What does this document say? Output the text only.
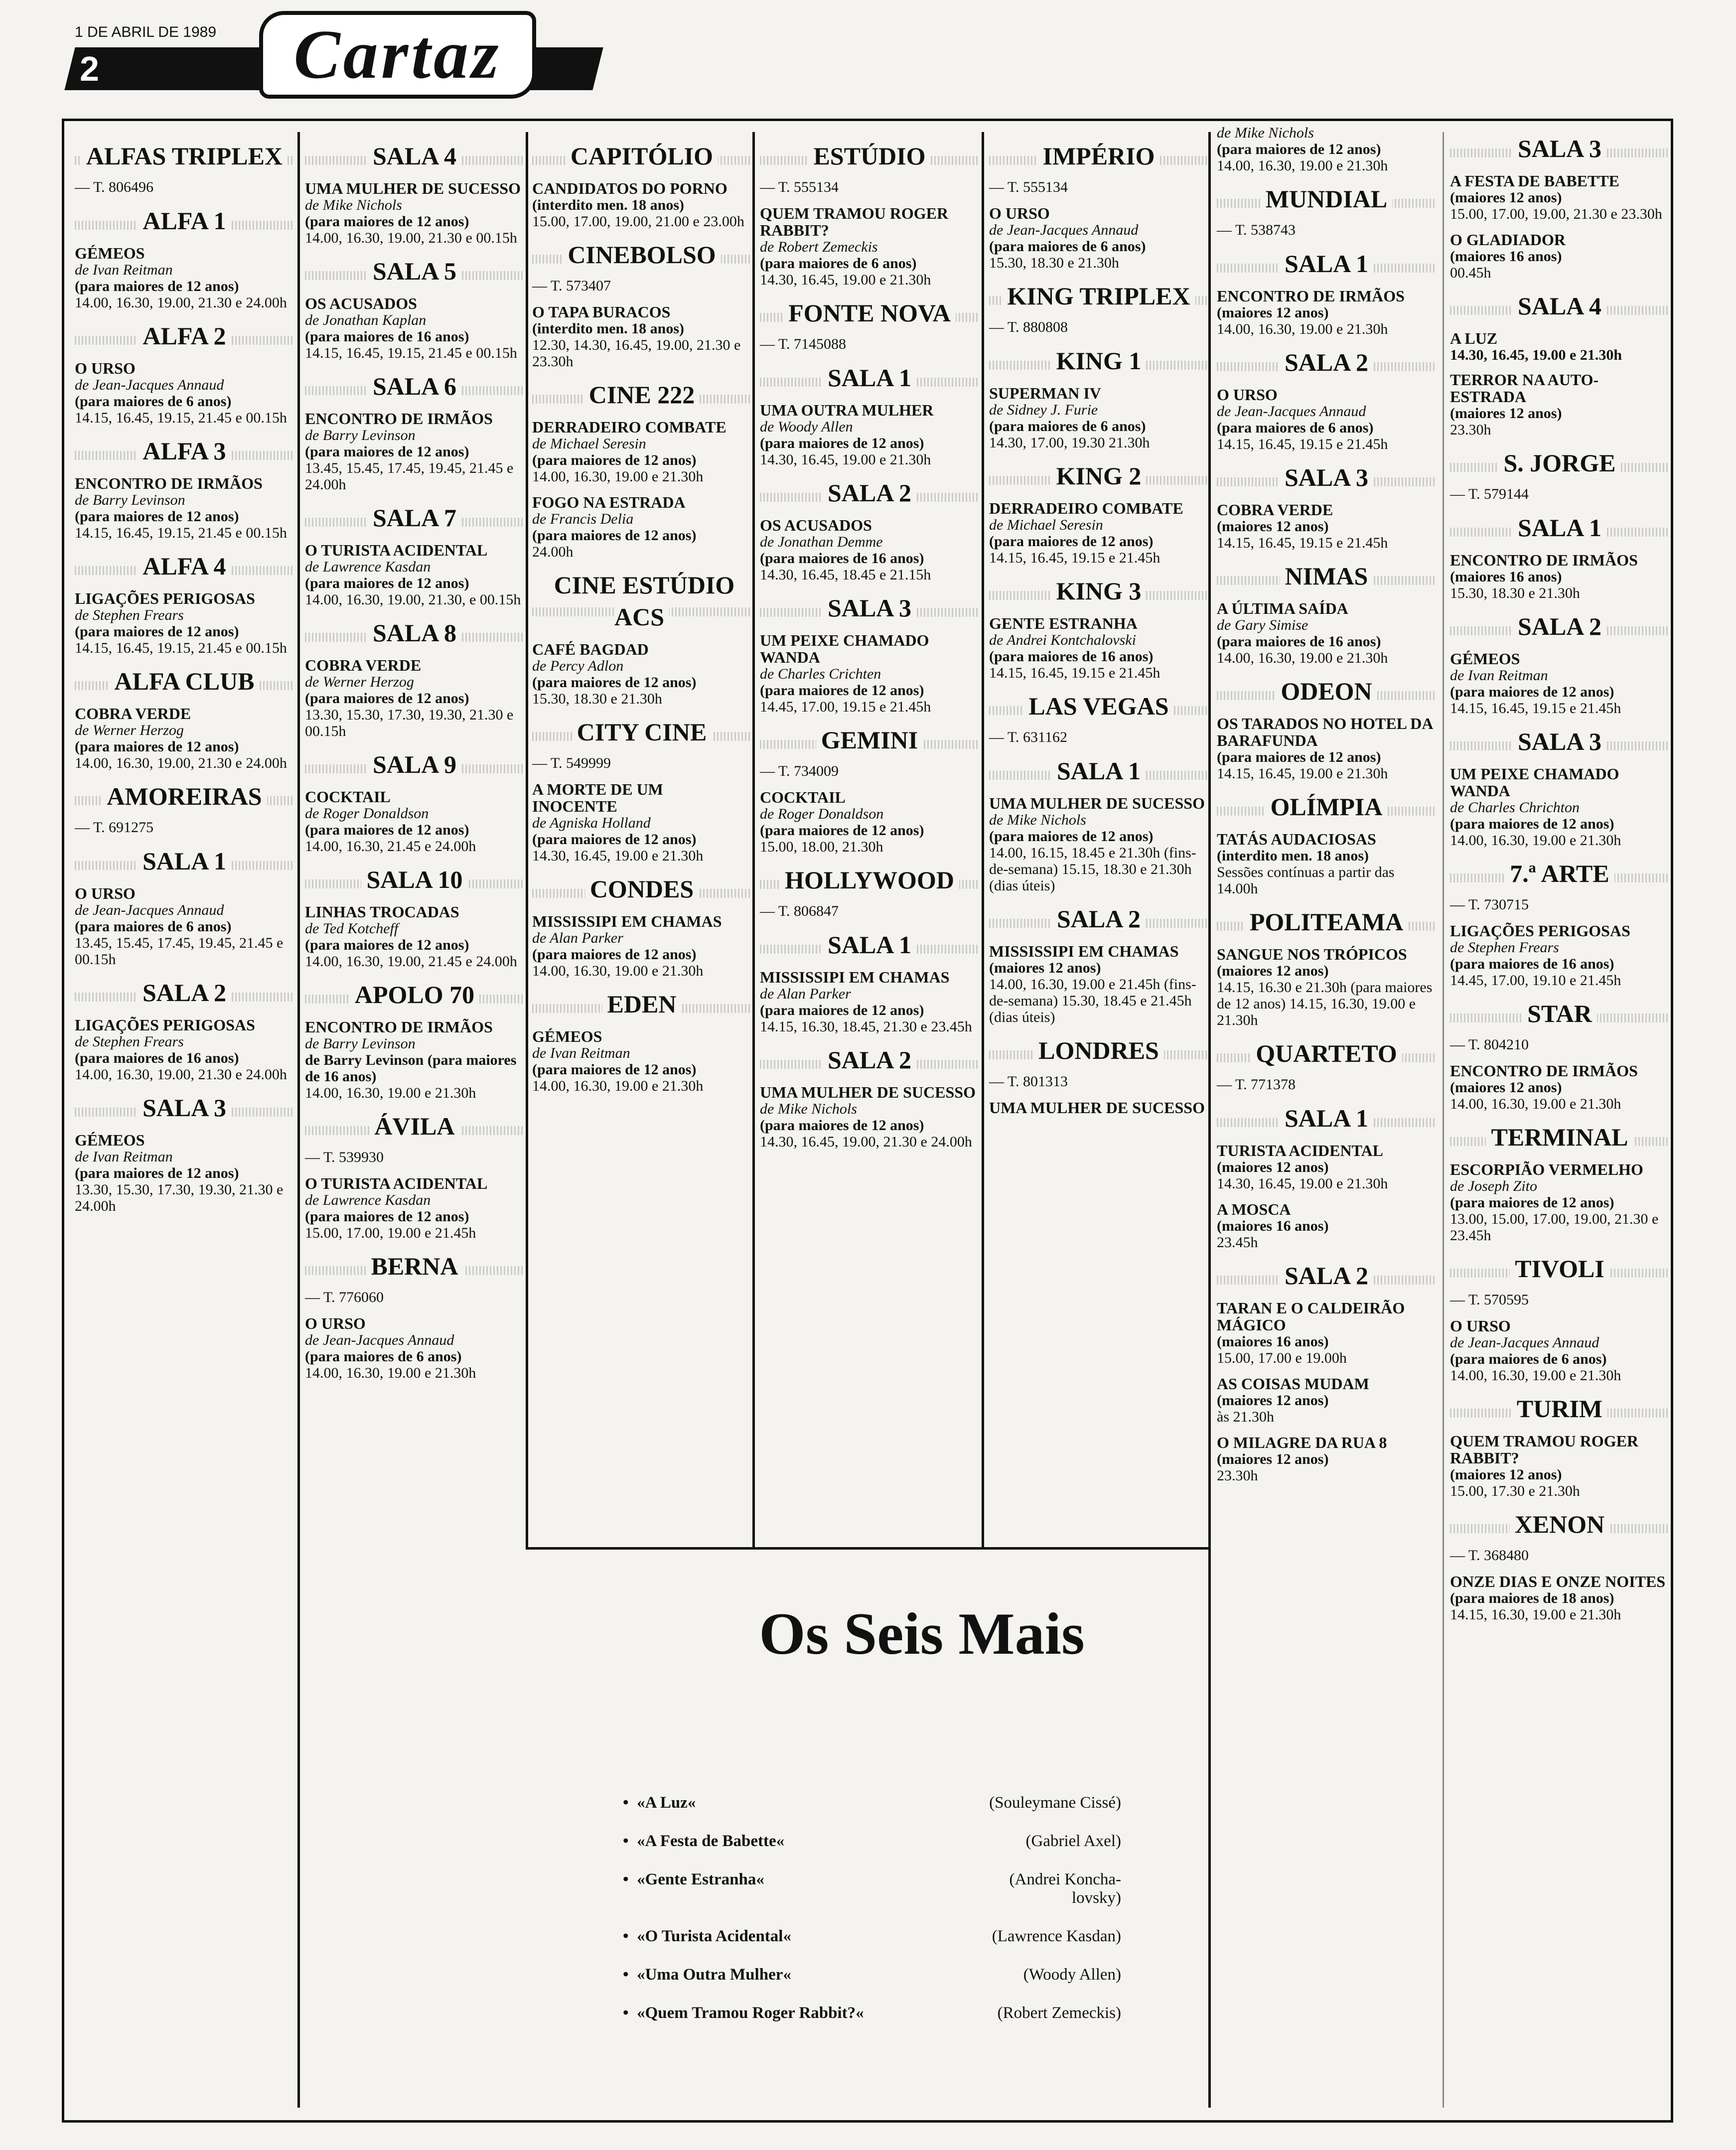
1 DE ABRIL DE 1989
2	Cartaz
ALFAS TRIPLEX
— T. 806496
ALFA 1
GÉMEOS
de Ivan Reitman
(para maiores de 12 anos)
14.00, 16.30, 19.00, 21.30 e 24.00h
ALFA 2
O URSO
de Jean-Jacques Annaud
(para maiores de 6 anos)
14.15, 16.45, 19.15, 21.45 e 00.15h
ALFA 3
ENCONTRO DE IRMÃOS
de Barry Levinson
(para maiores de 12 anos)
14.15, 16.45, 19.15, 21.45 e 00.15h
ALFA 4
LIGAÇÕES PERIGOSAS
de Stephen Frears
(para maiores de 12 anos)
14.15, 16.45, 19.15, 21.45 e 00.15h
ALFA CLUB
COBRA VERDE
de Werner Herzog
(para maiores de 12 anos)
14.00, 16.30, 19.00, 21.30 e 24.00h
AMOREIRAS
— T. 691275
SALA 1
O URSO
de Jean-Jacques Annaud
(para maiores de 6 anos)
13.45, 15.45, 17.45, 19.45, 21.45 e 00.15h
SALA 2
LIGAÇÕES PERIGOSAS
de Stephen Frears
(para maiores de 16 anos)
14.00, 16.30, 19.00, 21.30 e 24.00h
SALA 3
GÉMEOS
de Ivan Reitman
(para maiores de 12 anos)
13.30, 15.30, 17.30, 19.30, 21.30 e 24.00h
SALA 4
UMA MULHER DE SUCESSO
de Mike Nichols
(para maiores de 12 anos)
14.00, 16.30, 19.00, 21.30 e 00.15h
SALA 5
OS ACUSADOS
de Jonathan Kaplan
(para maiores de 16 anos)
14.15, 16.45, 19.15, 21.45 e 00.15h
SALA 6
ENCONTRO DE IRMÃOS
de Barry Levinson
(para maiores de 12 anos)
13.45, 15.45, 17.45, 19.45, 21.45 e 24.00h
SALA 7
O TURISTA ACIDENTAL
de Lawrence Kasdan
(para maiores de 12 anos)
14.00, 16.30, 19.00, 21.30, e 00.15h
SALA 8
COBRA VERDE
de Werner Herzog
(para maiores de 12 anos)
13.30, 15.30, 17.30, 19.30, 21.30 e 00.15h
SALA 9
COCKTAIL
de Roger Donaldson
(para maiores de 12 anos)
14.00, 16.30, 21.45 e 24.00h
SALA 10
LINHAS TROCADAS
de Ted Kotcheff
(para maiores de 12 anos)
14.00, 16.30, 19.00, 21.45 e 24.00h
APOLO 70
ENCONTRO DE IRMÃOS
de Barry Levinson
de Barry Levinson (para maiores de 16 anos)
14.00, 16.30, 19.00 e 21.30h
ÁVILA
— T. 539930
O TURISTA ACIDENTAL
de Lawrence Kasdan
(para maiores de 12 anos)
15.00, 17.00, 19.00 e 21.45h
BERNA
— T. 776060
O URSO
de Jean-Jacques Annaud
(para maiores de 6 anos)
14.00, 16.30, 19.00 e 21.30h
CAPITÓLIO
CANDIDATOS DO PORNO
(interdito men. 18 anos)
15.00, 17.00, 19.00, 21.00 e 23.00h
CINEBOLSO
— T. 573407
O TAPA BURACOS
(interdito men. 18 anos)
12.30, 14.30, 16.45, 19.00, 21.30 e 23.30h
CINE 222
DERRADEIRO COMBATE
de Michael Seresin
(para maiores de 12 anos)
14.00, 16.30, 19.00 e 21.30h
FOGO NA ESTRADA
de Francis Delia
(para maiores de 12 anos)
24.00h
CINE ESTÚDIO ACS
CAFÉ BAGDAD
de Percy Adlon
(para maiores de 12 anos)
15.30, 18.30 e 21.30h
CITY CINE
— T. 549999
A MORTE DE UM INOCENTE
de Agniska Holland
(para maiores de 12 anos)
14.30, 16.45, 19.00 e 21.30h
CONDES
MISSISSIPI EM CHAMAS
de Alan Parker
(para maiores de 12 anos)
14.00, 16.30, 19.00 e 21.30h
EDEN
GÉMEOS
de Ivan Reitman
(para maiores de 12 anos)
14.00, 16.30, 19.00 e 21.30h
ESTÚDIO
— T. 555134
QUEM TRAMOU ROGER RABBIT?
de Robert Zemeckis
(para maiores de 6 anos)
14.30, 16.45, 19.00 e 21.30h
FONTE NOVA
— T. 7145088
SALA 1
UMA OUTRA MULHER
de Woody Allen
(para maiores de 12 anos)
14.30, 16.45, 19.00 e 21.30h
SALA 2
OS ACUSADOS
de Jonathan Demme
(para maiores de 16 anos)
14.30, 16.45, 18.45 e 21.15h
SALA 3
UM PEIXE CHAMADO WANDA
de Charles Crichten
(para maiores de 12 anos)
14.45, 17.00, 19.15 e 21.45h
GEMINI
— T. 734009
COCKTAIL
de Roger Donaldson
(para maiores de 12 anos)
15.00, 18.00, 21.30h
HOLLYWOOD
— T. 806847
SALA 1
MISSISSIPI EM CHAMAS
de Alan Parker
(para maiores de 12 anos)
14.15, 16.30, 18.45, 21.30 e 23.45h
SALA 2
UMA MULHER DE SUCESSO
de Mike Nichols
(para maiores de 12 anos)
14.30, 16.45, 19.00, 21.30 e 24.00h
IMPÉRIO
— T. 555134
O URSO
de Jean-Jacques Annaud
(para maiores de 6 anos)
15.30, 18.30 e 21.30h
KING TRIPLEX
— T. 880808
KING 1
SUPERMAN IV
de Sidney J. Furie
(para maiores de 6 anos)
14.30, 17.00, 19.30 21.30h
KING 2
DERRADEIRO COMBATE
de Michael Seresin
(para maiores de 12 anos)
14.15, 16.45, 19.15 e 21.45h
KING 3
GENTE ESTRANHA
de Andrei Kontchalovski
(para maiores de 16 anos)
14.15, 16.45, 19.15 e 21.45h
LAS VEGAS
— T. 631162
SALA 1
UMA MULHER DE SUCESSO
de Mike Nichols
(para maiores de 12 anos)
14.00, 16.15, 18.45 e 21.30h (fins-de-semana) 15.15, 18.30 e 21.30h (dias úteis)
SALA 2
MISSISSIPI EM CHAMAS
(maiores 12 anos)
14.00, 16.30, 19.00 e 21.45h (fins-de-semana) 15.30, 18.45 e 21.45h (dias úteis)
LONDRES
— T. 801313
UMA MULHER DE SUCESSO
de Mike Nichols
(para maiores de 12 anos)
14.00, 16.30, 19.00 e 21.30h
MUNDIAL
— T. 538743
SALA 1
ENCONTRO DE IRMÃOS
(maiores 12 anos)
14.00, 16.30, 19.00 e 21.30h
SALA 2
O URSO
de Jean-Jacques Annaud
(para maiores de 6 anos)
14.15, 16.45, 19.15 e 21.45h
SALA 3
COBRA VERDE
(maiores 12 anos)
14.15, 16.45, 19.15 e 21.45h
NIMAS
A ÚLTIMA SAÍDA
de Gary Simise
(para maiores de 16 anos)
14.00, 16.30, 19.00 e 21.30h
ODEON
OS TARADOS NO HOTEL DA BARAFUNDA
(para maiores de 12 anos)
14.15, 16.45, 19.00 e 21.30h
OLÍMPIA
TATÁS AUDACIOSAS
(interdito men. 18 anos)
Sessões contínuas a partir das 14.00h
POLITEAMA
SANGUE NOS TRÓPICOS
(maiores 12 anos)
14.15, 16.30 e 21.30h (para maiores de 12 anos) 14.15, 16.30, 19.00 e 21.30h
QUARTETO
— T. 771378
SALA 1
TURISTA ACIDENTAL
(maiores 12 anos)
14.30, 16.45, 19.00 e 21.30h
A MOSCA
(maiores 16 anos)
23.45h
SALA 2
TARAN E O CALDEIRÃO MÁGICO
(maiores 16 anos)
15.00, 17.00 e 19.00h
AS COISAS MUDAM
(maiores 12 anos)
às 21.30h
O MILAGRE DA RUA 8
(maiores 12 anos)
23.30h
SALA 3
A FESTA DE BABETTE
(maiores 12 anos)
15.00, 17.00, 19.00, 21.30 e 23.30h
O GLADIADOR
(maiores 16 anos)
00.45h
SALA 4
A LUZ
14.30, 16.45, 19.00 e 21.30h
TERROR NA AUTO-ESTRADA
(maiores 12 anos)
23.30h
S. JORGE
— T. 579144
SALA 1
ENCONTRO DE IRMÃOS
(maiores 16 anos)
15.30, 18.30 e 21.30h
SALA 2
GÉMEOS
de Ivan Reitman
(para maiores de 12 anos)
14.15, 16.45, 19.15 e 21.45h
SALA 3
UM PEIXE CHAMADO WANDA
de Charles Chrichton
(para maiores de 12 anos)
14.00, 16.30, 19.00 e 21.30h
7.ª ARTE
— T. 730715
LIGAÇÕES PERIGOSAS
de Stephen Frears
(para maiores de 16 anos)
14.45, 17.00, 19.10 e 21.45h
STAR
— T. 804210
ENCONTRO DE IRMÃOS
(maiores 12 anos)
14.00, 16.30, 19.00 e 21.30h
TERMINAL
ESCORPIÃO VERMELHO
de Joseph Zito
(para maiores de 12 anos)
13.00, 15.00, 17.00, 19.00, 21.30 e 23.45h
TIVOLI
— T. 570595
O URSO
de Jean-Jacques Annaud
(para maiores de 6 anos)
14.00, 16.30, 19.00 e 21.30h
TURIM
QUEM TRAMOU ROGER RABBIT?
(maiores 12 anos)
15.00, 17.30 e 21.30h
XENON
— T. 368480
ONZE DIAS E ONZE NOITES
(para maiores de 18 anos)
14.15, 16.30, 19.00 e 21.30h
Os Seis Mais
•  «A Luz«	(Souleymane Cissé)
•  «A Festa de Babette«	(Gabriel Axel)
•  «Gente Estranha«	(Andrei Koncha- lovsky)
•  «O Turista Acidental«	(Lawrence Kasdan)
•  «Uma Outra Mulher«	(Woody Allen)
•  «Quem Tramou Roger Rabbit?«	(Robert Zemeckis)
